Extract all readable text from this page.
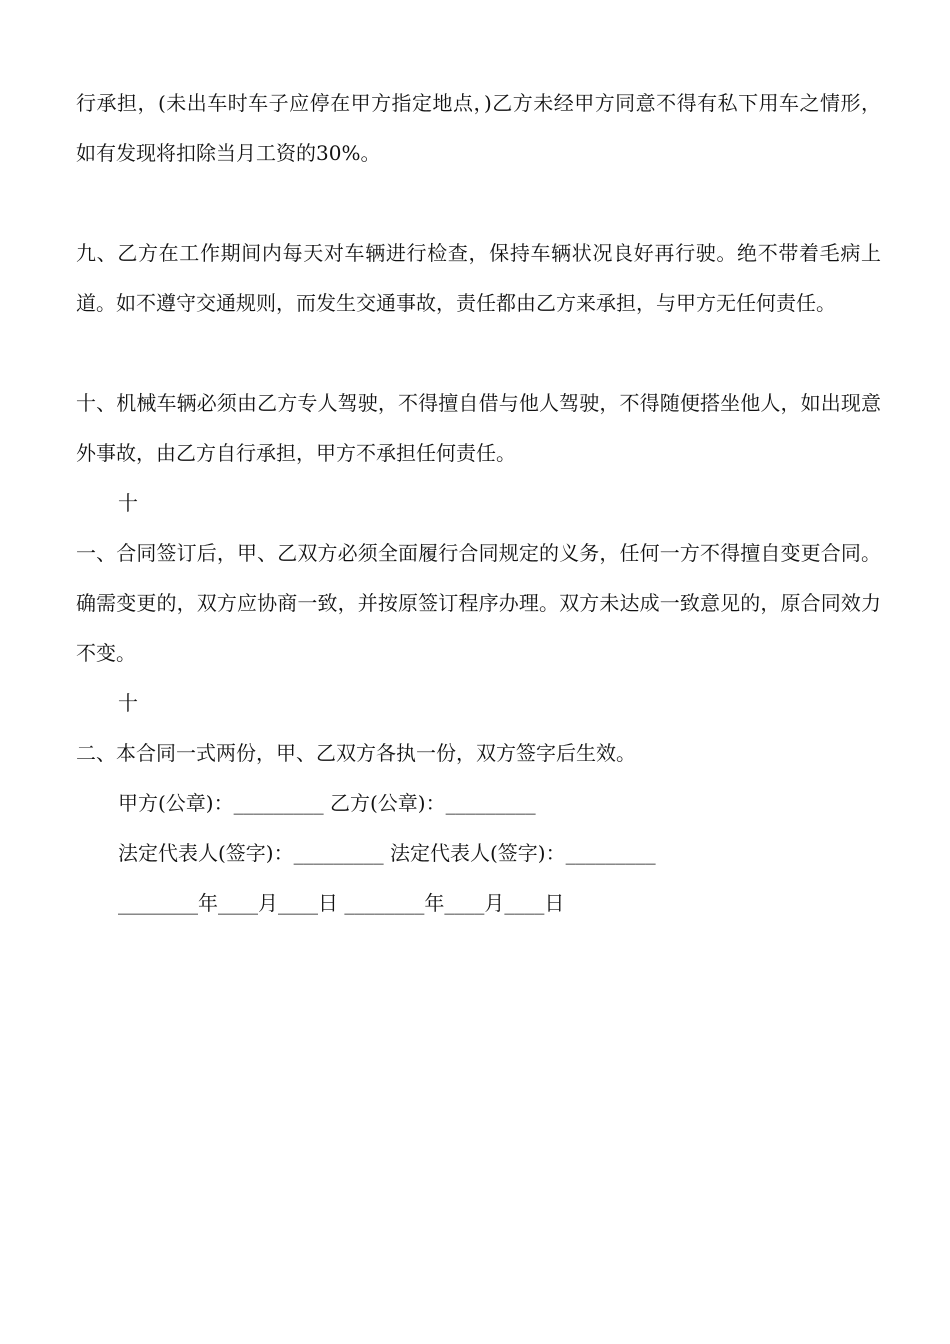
行承担，(未出车时车子应停在甲方指定地点，)乙方未经甲方同意不得有私下用车之情形，如有发现将扣除当月工资的30%。

九、乙方在工作期间内每天对车辆进行检查，保持车辆状况良好再行驶。绝不带着毛病上道。如不遵守交通规则，而发生交通事故，责任都由乙方来承担，与甲方无任何责任。

十、机械车辆必须由乙方专人驾驶，不得擅自借与他人驾驶，不得随便搭坐他人，如出现意外事故，由乙方自行承担，甲方不承担任何责任。

十

一、合同签订后，甲、乙双方必须全面履行合同规定的义务，任何一方不得擅自变更合同。确需变更的，双方应协商一致，并按原签订程序办理。双方未达成一致意见的，原合同效力不变。

十

二、本合同一式两份，甲、乙双方各执一份，双方签字后生效。

甲方(公章)：_________ 乙方(公章)：_________

法定代表人(签字)：_________ 法定代表人(签字)：_________

________年____月____日 ________年____月____日
